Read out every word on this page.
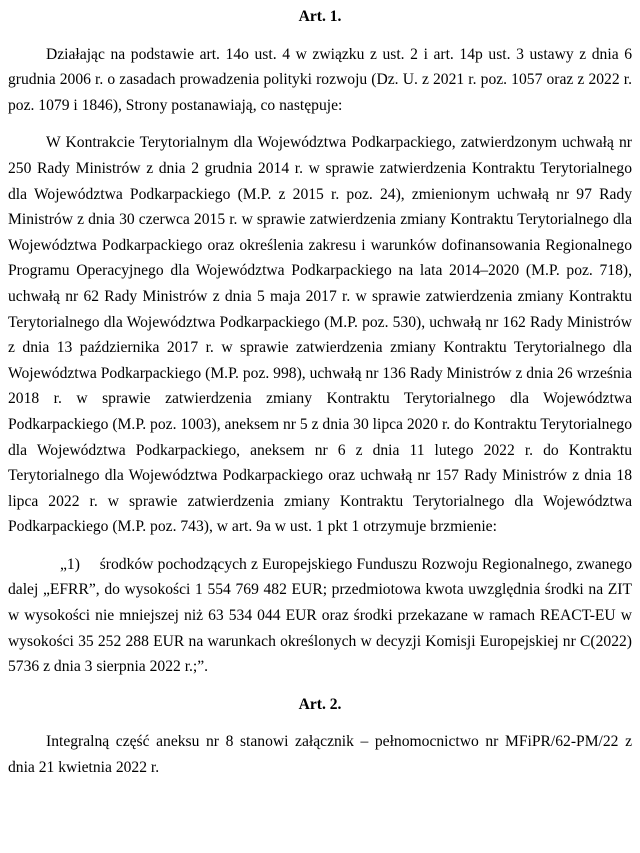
Art. 1.

Działając na podstawie art. 14o ust. 4 w związku z ust. 2 i art. 14p ust. 3 ustawy z dnia 6 grudnia 2006 r. o zasadach prowadzenia polityki rozwoju (Dz. U. z 2021 r. poz. 1057 oraz z 2022 r. poz. 1079 i 1846), Strony postanawiają, co następuje:

W Kontrakcie Terytorialnym dla Województwa Podkarpackiego, zatwierdzonym uchwałą nr 250 Rady Ministrów z dnia 2 grudnia 2014 r. w sprawie zatwierdzenia Kontraktu Terytorialnego dla Województwa Podkarpackiego (M.P. z 2015 r. poz. 24), zmienionym uchwałą nr 97 Rady Ministrów z dnia 30 czerwca 2015 r. w sprawie zatwierdzenia zmiany Kontraktu Terytorialnego dla Województwa Podkarpackiego oraz określenia zakresu i warunków dofinansowania Regionalnego Programu Operacyjnego dla Województwa Podkarpackiego na lata 2014–2020 (M.P. poz. 718), uchwałą nr 62 Rady Ministrów z dnia 5 maja 2017 r. w sprawie zatwierdzenia zmiany Kontraktu Terytorialnego dla Województwa Podkarpackiego (M.P. poz. 530), uchwałą nr 162 Rady Ministrów z dnia 13 października 2017 r. w sprawie zatwierdzenia zmiany Kontraktu Terytorialnego dla Województwa Podkarpackiego (M.P. poz. 998), uchwałą nr 136 Rady Ministrów z dnia 26 września 2018 r. w sprawie zatwierdzenia zmiany Kontraktu Terytorialnego dla Województwa Podkarpackiego (M.P. poz. 1003), aneksem nr 5 z dnia 30 lipca 2020 r. do Kontraktu Terytorialnego dla Województwa Podkarpackiego, aneksem nr 6 z dnia 11 lutego 2022 r. do Kontraktu Terytorialnego dla Województwa Podkarpackiego oraz uchwałą nr 157 Rady Ministrów z dnia 18 lipca 2022 r. w sprawie zatwierdzenia zmiany Kontraktu Terytorialnego dla Województwa Podkarpackiego (M.P. poz. 743), w art. 9a w ust. 1 pkt 1 otrzymuje brzmienie:

„1)  środków pochodzących z Europejskiego Funduszu Rozwoju Regionalnego, zwanego dalej „EFRR”, do wysokości 1 554 769 482 EUR; przedmiotowa kwota uwzględnia środki na ZIT w wysokości nie mniejszej niż 63 534 044 EUR oraz środki przekazane w ramach REACT-EU w wysokości 35 252 288 EUR na warunkach określonych w decyzji Komisji Europejskiej nr C(2022) 5736 z dnia 3 sierpnia 2022 r.;”.

Art. 2.

Integralną część aneksu nr 8 stanowi załącznik – pełnomocnictwo nr MFiPR/62-PM/22 z dnia 21 kwietnia 2022 r.
